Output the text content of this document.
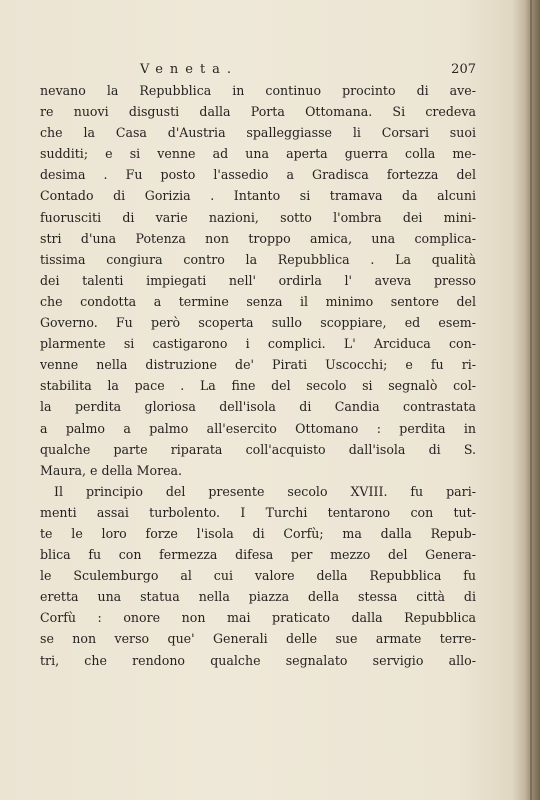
Veneta.	207
nevano la Repubblica in continuo procinto di ave-
re nuovi disgusti dalla Porta Ottomana. Si credeva
che la Casa d'Austria spalleggiasse li Corsari suoi
sudditi; e si venne ad una aperta guerra colla me-
desima . Fu posto l'assedio a Gradisca fortezza del
Contado di Gorizia . Intanto si tramava da alcuni
fuorusciti di varie nazioni, sotto l'ombra dei mini-
stri d'una Potenza non troppo amica, una complica-
tissima congiura contro la Repubblica . La qualità
dei talenti impiegati nell' ordirla l' aveva presso
che condotta a termine senza il minimo sentore del
Governo. Fu però scoperta sullo scoppiare, ed esem-
plarmente si castigarono i complici. L' Arciduca con-
venne nella distruzione de' Pirati Uscocchi; e fu ri-
stabilita la pace . La fine del secolo si segnalò col-
la perdita gloriosa dell'isola di Candia contrastata
a palmo a palmo all'esercito Ottomano : perdita in
qualche parte riparata coll'acquisto dall'isola di S.
Maura, e della Morea.
Il principio del presente secolo XVIII. fu pari-
menti assai turbolento. I Turchi tentarono con tut-
te le loro forze l'isola di Corfù; ma dalla Repub-
blica fu con fermezza difesa per mezzo del Genera-
le Sculemburgo al cui valore della Repubblica fu
eretta una statua nella piazza della stessa città di
Corfù : onore non mai praticato dalla Repubblica
se non verso que' Generali delle sue armate terre-
tri, che rendono qualche segnalato servigio allo-
